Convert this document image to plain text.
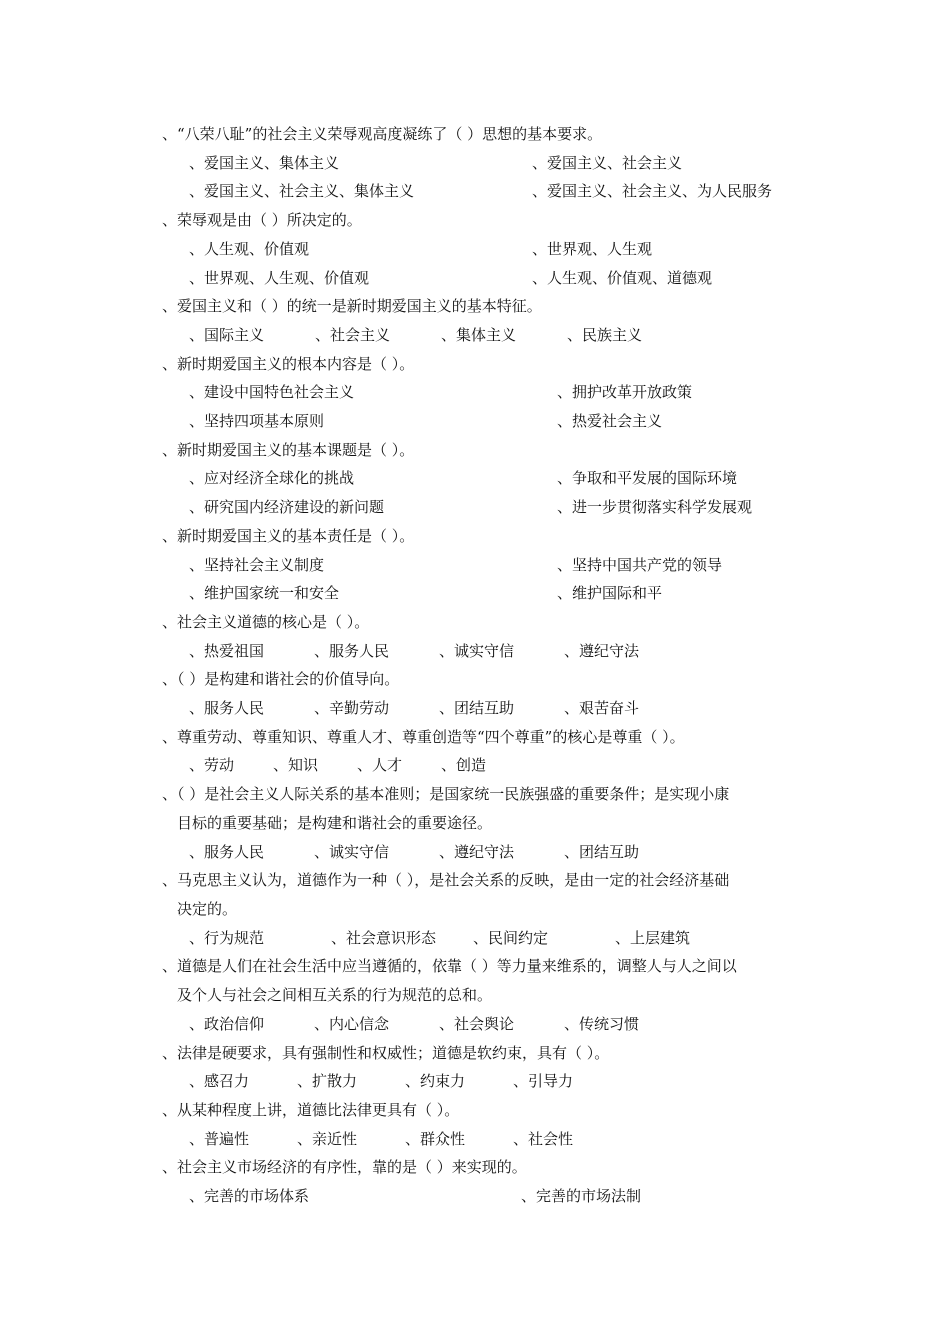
、“八荣八耻”的社会主义荣辱观高度凝练了（ ）思想的基本要求。
、爱国主义、集体主义	、爱国主义、社会主义
、爱国主义、社会主义、集体主义	、爱国主义、社会主义、为人民服务
、荣辱观是由（ ）所决定的。
、人生观、价值观	、世界观、人生观
、世界观、人生观、价值观	、人生观、价值观、道德观
、爱国主义和（ ）的统一是新时期爱国主义的基本特征。
、国际主义	、社会主义	、集体主义	、民族主义
、新时期爱国主义的根本内容是（ ）。
、建设中国特色社会主义	、拥护改革开放政策
、坚持四项基本原则	、热爱社会主义
、新时期爱国主义的基本课题是（ ）。
、应对经济全球化的挑战	、争取和平发展的国际环境
、研究国内经济建设的新问题	、进一步贯彻落实科学发展观
、新时期爱国主义的基本责任是（ ）。
、坚持社会主义制度	、坚持中国共产党的领导
、维护国家统一和安全	、维护国际和平
、社会主义道德的核心是（ ）。
、热爱祖国	、服务人民	、诚实守信	、遵纪守法
、（ ）是构建和谐社会的价值导向。
、服务人民	、辛勤劳动	、团结互助	、艰苦奋斗
、尊重劳动、尊重知识、尊重人才、尊重创造等“四个尊重”的核心是尊重（ ）。
、劳动	、知识	、人才	、创造
、（ ）是社会主义人际关系的基本准则；是国家统一民族强盛的重要条件；是实现小康
目标的重要基础；是构建和谐社会的重要途径。
、服务人民	、诚实守信	、遵纪守法	、团结互助
、马克思主义认为，道德作为一种（ ），是社会关系的反映，是由一定的社会经济基础
决定的。
、行为规范	、社会意识形态	、民间约定	、上层建筑
、道德是人们在社会生活中应当遵循的，依靠（ ）等力量来维系的，调整人与人之间以
及个人与社会之间相互关系的行为规范的总和。
、政治信仰	、内心信念	、社会舆论	、传统习惯
、法律是硬要求，具有强制性和权威性；道德是软约束，具有（ ）。
、感召力	、扩散力	、约束力	、引导力
、从某种程度上讲，道德比法律更具有（ ）。
、普遍性	、亲近性	、群众性	、社会性
、社会主义市场经济的有序性，靠的是（ ）来实现的。
、完善的市场体系	、完善的市场法制
